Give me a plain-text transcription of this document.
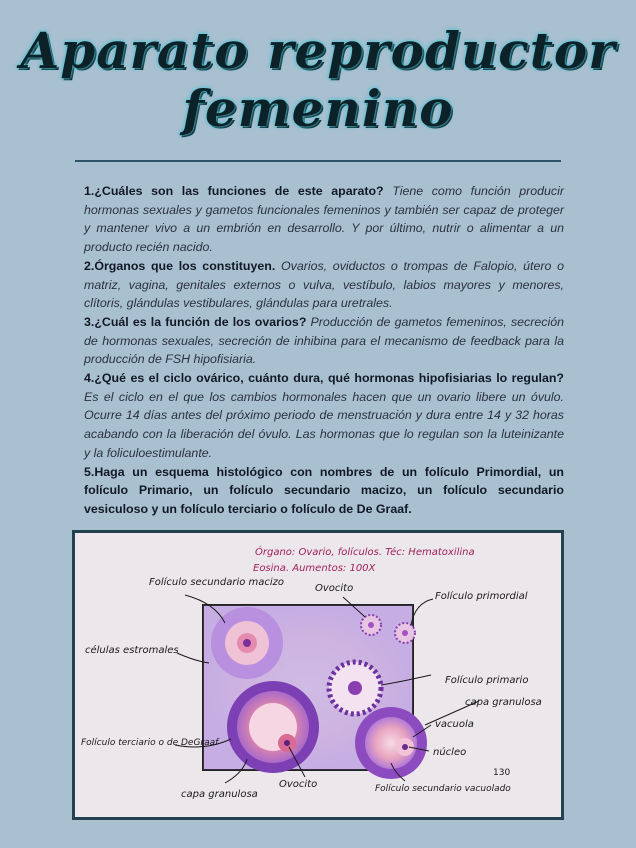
Aparato reproductor
femenino

1.¿Cuáles son las funciones de este aparato? Tiene como función producir hormonas sexuales y gametos funcionales femeninos y también ser capaz de proteger y mantener vivo a un embrión en desarrollo. Y por último, nutrir o alimentar a un producto recién nacido.

2.Órganos que los constituyen. Ovarios, oviductos o trompas de Falopio, útero o matriz, vagina, genitales externos o vulva, vestíbulo, labios mayores y menores, clítoris, glándulas vestibulares, glándulas para uretrales.

3.¿Cuál es la función de los ovarios? Producción de gametos femeninos, secreción de hormonas sexuales, secreción de inhibina para el mecanismo de feedback para la producción de FSH hipofisiaria.

4.¿Qué es el ciclo ovárico, cuánto dura, qué hormonas hipofisiarias lo regulan? Es el ciclo en el que los cambios hormonales hacen que un ovario libere un óvulo. Ocurre 14 días antes del próximo periodo de menstruación y dura entre 14 y 32 horas acabando con la liberación del óvulo. Las hormonas que lo regulan son la luteinizante y la foliculoestimulante.

5.Haga un esquema histológico con nombres de un folículo Primordial, un folículo Primario, un folículo secundario macizo, un folículo secundario vesiculoso y un folículo terciario o folículo de De Graaf.

Órgano: Ovario, folículos. Téc: Hematoxilina
Eosina. Aumentos: 100X
Folículo secundario macizo
Ovocito
Folículo primordial
células estromales
Folículo primario
capa granulosa
vacuola
núcleo
Folículo terciario o de DeGraaf
Ovocito
capa granulosa	Folículo secundario vacuolado
130
